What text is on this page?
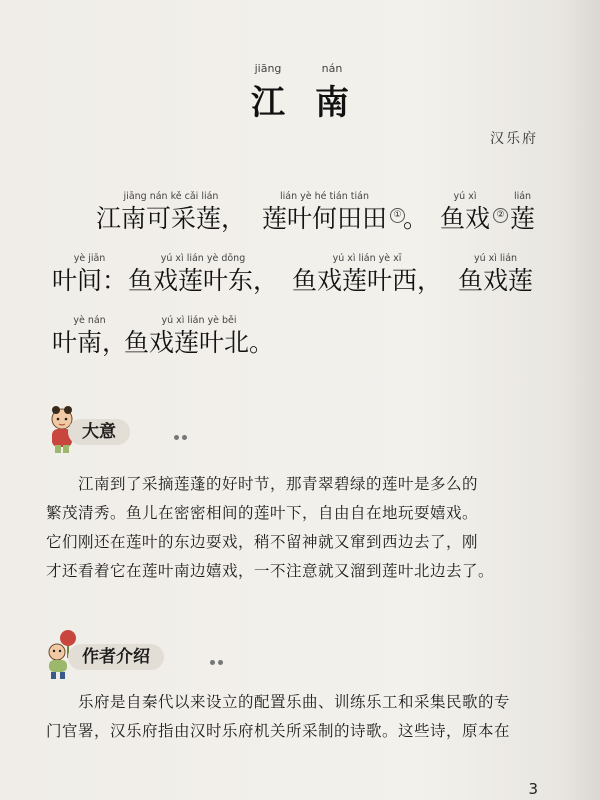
jiāng	nán
江 南
汉乐府
jiāng nán kě cǎi lián
江南可采莲，
lián yè hé tián tián
莲叶何田田 ① 。
yú xì
鱼戏 ②
lián
莲
yè jiān
叶间：
yú xì lián yè dōng
鱼戏莲叶东，
yú xì lián yè xī
鱼戏莲叶西，
yú xì lián
鱼戏莲
yè nán
叶南，
yú xì lián yè běi
鱼戏莲叶北。
大意

江南到了采摘莲蓬的好时节，那青翠碧绿的莲叶是多么的

繁茂清秀。鱼儿在密密相间的莲叶下，自由自在地玩耍嬉戏。

它们刚还在莲叶的东边耍戏，稍不留神就又窜到西边去了，刚

才还看着它在莲叶南边嬉戏，一不注意就又溜到莲叶北边去了。

作者介绍

乐府是自秦代以来设立的配置乐曲、训练乐工和采集民歌的专

门官署，汉乐府指由汉时乐府机关所采制的诗歌。这些诗，原本在

3
